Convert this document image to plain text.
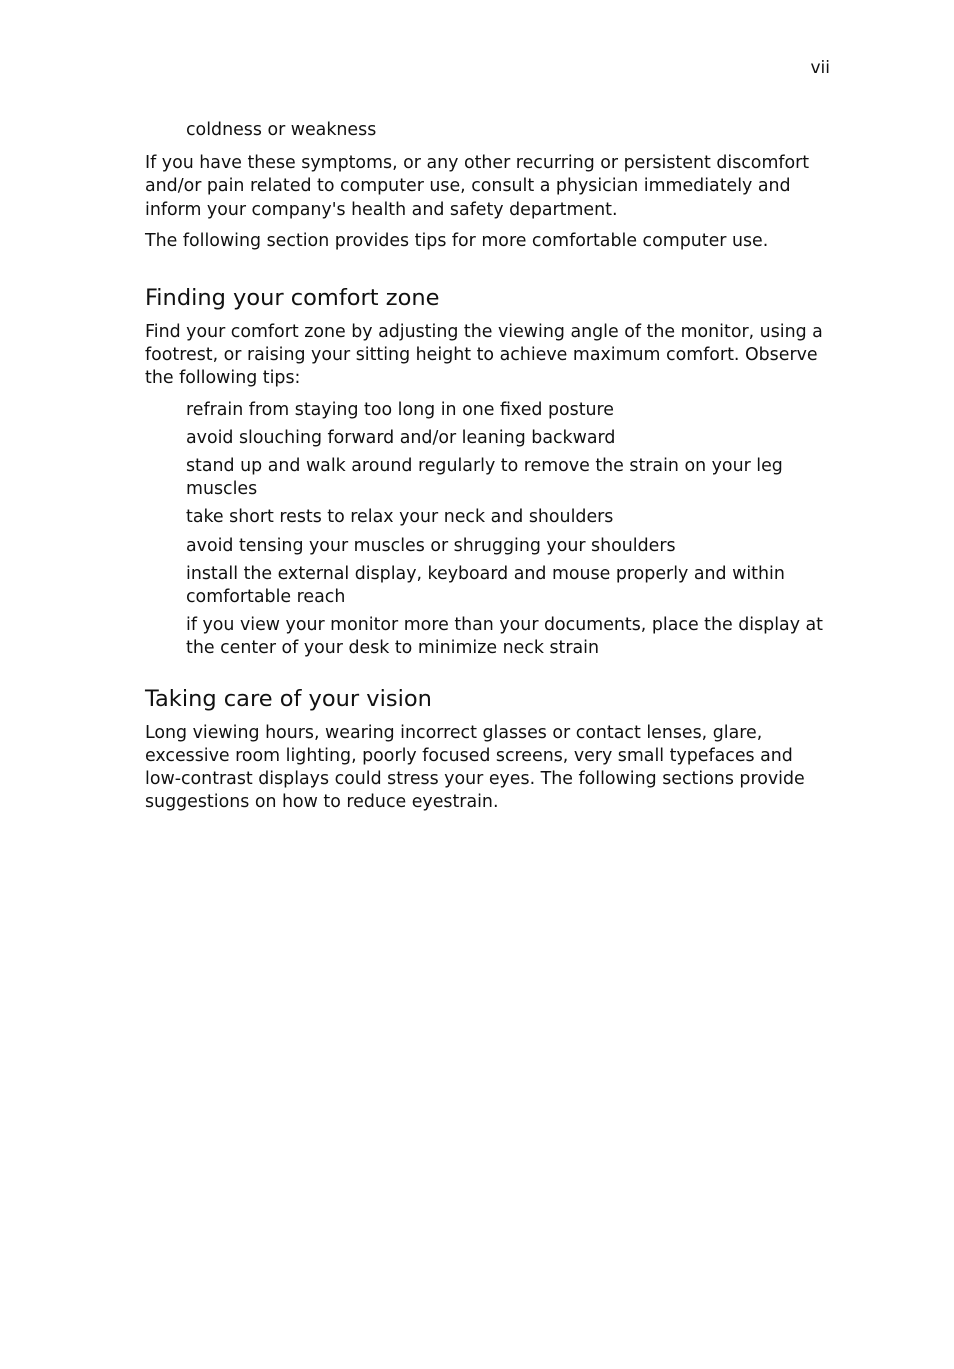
vii
coldness or weakness

If you have these symptoms, or any other recurring or persistent discomfort and/or pain related to computer use, consult a physician immediately and inform your company's health and safety department.

The following section provides tips for more comfortable computer use.

Finding your comfort zone

Find your comfort zone by adjusting the viewing angle of the monitor, using a footrest, or raising your sitting height to achieve maximum comfort. Observe the following tips:

refrain from staying too long in one fixed posture
avoid slouching forward and/or leaning backward
stand up and walk around regularly to remove the strain on your leg muscles
take short rests to relax your neck and shoulders
avoid tensing your muscles or shrugging your shoulders
install the external display, keyboard and mouse properly and within comfortable reach
if you view your monitor more than your documents, place the display at the center of your desk to minimize neck strain
Taking care of your vision

Long viewing hours, wearing incorrect glasses or contact lenses, glare, excessive room lighting, poorly focused screens, very small typefaces and low-contrast displays could stress your eyes. The following sections provide suggestions on how to reduce eyestrain.
